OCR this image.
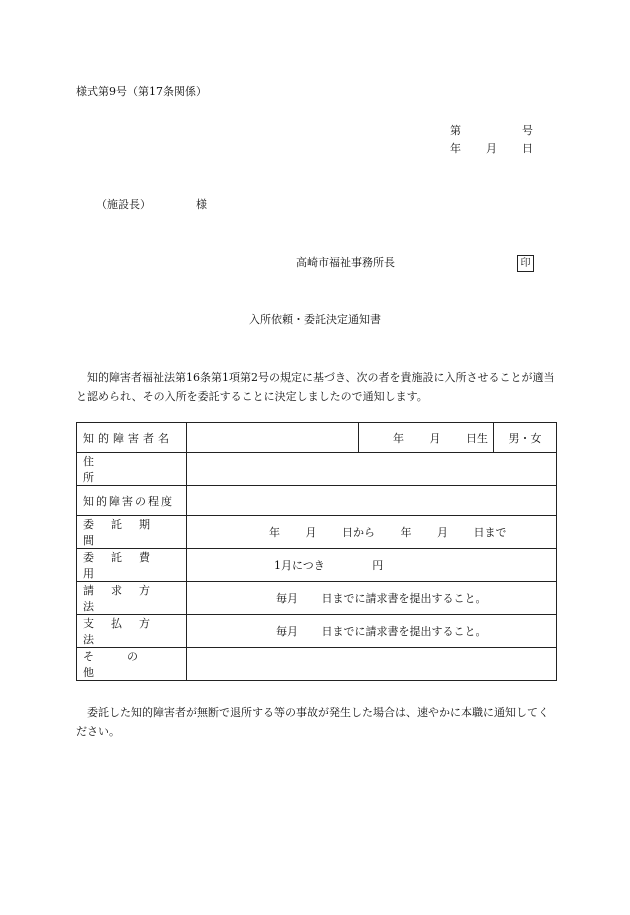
様式第9号（第17条関係）
第	号
年 月 日
（施設長）	様
高崎市福祉事務所長	印
入所依頼・委託決定通知書

知的障害者福祉法第16条第1項第2号の規定に基づき、次の者を貴施設に入所させることが適当と認められ、その入所を委託することに決定しましたので通知します。

知的障害者名		年 月 日生	男・女

住所			

知的障害の程度			

委託期間	年 月 日から 年 月 日まで		

委託費用	1月につき 円		

請求方法	毎月 日までに請求書を提出すること。		

支払方法	毎月 日までに請求書を提出すること。		

その他			

委託した知的障害者が無断で退所する等の事故が発生した場合は、速やかに本職に通知してください。
